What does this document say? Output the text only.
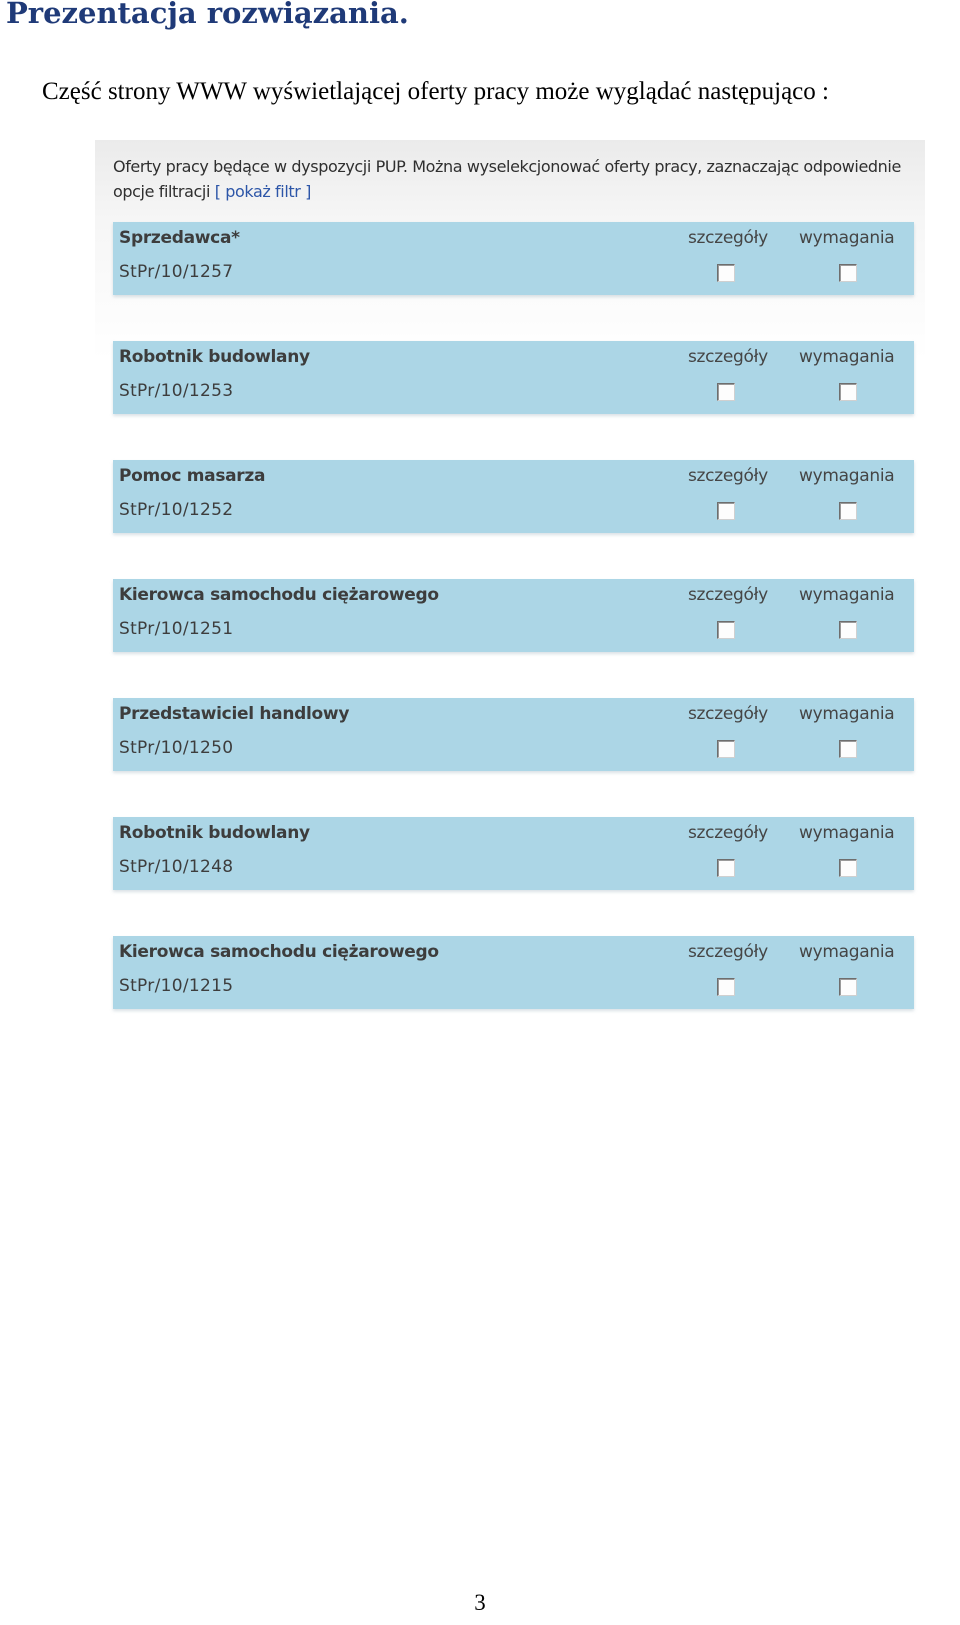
Prezentacja rozwiązania.

Część strony WWW wyświetlającej oferty pracy może wyglądać następująco :

Oferty pracy będące w dyspozycji PUP. Można wyselekcjonować oferty pracy, zaznaczając odpowiednie opcje filtracji [ pokaż filtr ]
Sprzedawca*
StPr/10/1257
szczegóły wymagania
Robotnik budowlany
StPr/10/1253
szczegóły wymagania
Pomoc masarza
StPr/10/1252
szczegóły wymagania
Kierowca samochodu ciężarowego
StPr/10/1251
szczegóły wymagania
Przedstawiciel handlowy
StPr/10/1250
szczegóły wymagania
Robotnik budowlany
StPr/10/1248
szczegóły wymagania
Kierowca samochodu ciężarowego
StPr/10/1215
szczegóły wymagania
3
